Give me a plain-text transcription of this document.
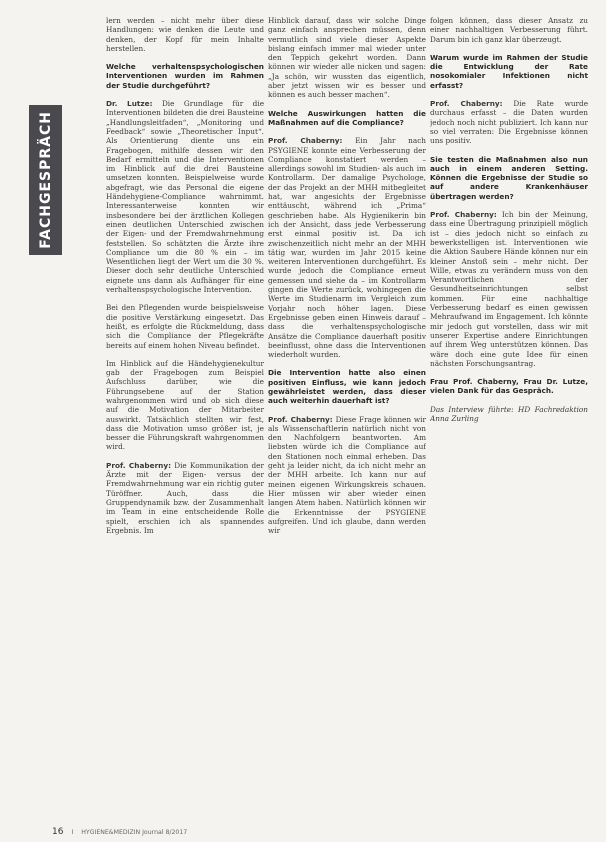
FACHGESPRÄCH

lern werden – nicht mehr über diese Handlungen: wie denken die Leute und denken, der Kopf für mein Inhalte herstellen.

Welche verhaltenspsychologischen Interventionen wurden im Rahmen der Studie durchgeführt?

Dr. Lutze: Die Grundlage für die Interventionen bildeten die drei Bausteine „Handlungsleitfaden“, „Monitoring und Feedback“ sowie „Theoretischer Input“. Als Orientierung diente uns ein Fragebogen, mithilfe dessen wir den Bedarf ermitteln und die Interventionen im Hinblick auf die drei Bausteine umsetzen konnten. Beispielweise wurde abgefragt, wie das Personal die eigene Händehygiene-Compliance wahrnimmt. Interessanterweise konnten wir insbesondere bei der ärztlichen Kollegen einen deutlichen Unterschied zwischen der Eigen- und der Fremdwahrnehmung feststellen. So schätzten die Ärzte ihre Compliance um die 80 % ein – im Wesentlichen liegt der Wert um die 30 %. Dieser doch sehr deutliche Unterschied eignete uns dann als Aufhänger für eine verhaltenspsychologische Intervention.

Bei den Pflegenden wurde beispielsweise die positive Verstärkung eingesetzt. Das heißt, es erfolgte die Rückmeldung, dass sich die Compliance der Pflegekräfte bereits auf einem hohen Niveau befindet.

Im Hinblick auf die Händehygienekultur gab der Fragebogen zum Beispiel Aufschluss darüber, wie die Führungsebene auf der Station wahrgenommen wird und ob sich diese auf die Motivation der Mitarbeiter auswirkt. Tatsächlich stellten wir fest, dass die Motivation umso größer ist, je besser die Führungskraft wahrgenommen wird.

Prof. Chaberny: Die Kommunikation der Ärzte mit der Eigen- versus der Fremdwahrnehmung war ein richtig guter Türöffner. Auch, dass die Gruppendynamik bzw. der Zusammenhalt im Team in eine entscheidende Rolle spielt, erschien ich als spannendes Ergebnis. Im

Hinblick darauf, dass wir solche Dinge ganz einfach ansprechen müssen, denn vermutlich sind viele dieser Aspekte bislang einfach immer mal wieder unter den Teppich gekehrt worden. Dann können wir wieder alle nicken und sagen: „Ja schön, wir wussten das eigentlich, aber jetzt wissen wir es besser und können es auch besser machen“.

Welche Auswirkungen hatten die Maßnahmen auf die Compliance?

Prof. Chaberny: Ein Jahr nach PSYGIENE konnte eine Verbesserung der Compliance konstatiert werden – allerdings sowohl im Studien- als auch im Kontrollarm. Der damalige Psychologe, der das Projekt an der MHH mitbegleitet hat, war angesichts der Ergebnisse enttäuscht, während ich „Prima“ geschrieben habe. Als Hygienikerin bin ich der Ansicht, dass jede Verbesserung erst einmal positiv ist. Da ich zwischenzeitlich nicht mehr an der MHH tätig war, wurden im Jahr 2015 keine weiteren Interventionen durchgeführt. Es wurde jedoch die Compliance erneut gemessen und siehe da – im Kontrollarm gingen die Werte zurück, wohingegen die Werte im Studienarm im Vergleich zum Vorjahr noch höher lagen. Diese Ergebnisse geben einen Hinweis darauf – dass die verhaltenspsychologische Ansätze die Compliance dauerhaft positiv beeinflusst, ohne dass die Interventionen wiederholt wurden.

Die Intervention hatte also einen positiven Einfluss, wie kann jedoch gewährleistet werden, dass dieser auch weiterhin dauerhaft ist?

Prof. Chaberny: Diese Frage können wir als Wissenschaftlerin natürlich nicht von den Nachfolgern beantworten. Am liebsten würde ich die Compliance auf den Stationen noch einmal erheben. Das geht ja leider nicht, da ich nicht mehr an der MHH arbeite. Ich kann nur auf meinen eigenen Wirkungskreis schauen. Hier müssen wir aber wieder einen langen Atem haben. Natürlich können wir die Erkenntnisse der PSYGIENE aufgreifen. Und ich glaube, dann werden wir

folgen können, dass dieser Ansatz zu einer nachhaltigen Verbesserung führt. Darum bin ich ganz klar überzeugt.

Warum wurde im Rahmen der Studie die Entwicklung der Rate nosokomialer Infektionen nicht erfasst?

Prof. Chaberny: Die Rate wurde durchaus erfasst – die Daten wurden jedoch noch nicht publiziert. Ich kann nur so viel verraten: Die Ergebnisse können uns positiv.

Sie testen die Maßnahmen also nun auch in einem anderen Setting. Können die Ergebnisse der Studie so auf andere Krankenhäuser übertragen werden?

Prof. Chaberny: Ich bin der Meinung, dass eine Übertragung prinzipiell möglich ist – dies jedoch nicht so einfach zu bewerkstelligen ist. Interventionen wie die Aktion Saubere Hände können nur ein kleiner Anstoß sein – mehr nicht. Der Wille, etwas zu verändern muss von den Verantwortlichen der Gesundheitseinrichtungen selbst kommen. Für eine nachhaltige Verbesserung bedarf es einen gewissen Mehraufwand im Engagement. Ich könnte mir jedoch gut vorstellen, dass wir mit unserer Expertise andere Einrichtungen auf ihrem Weg unterstützen können. Das wäre doch eine gute Idee für einen nächsten Forschungsantrag.

Frau Prof. Chaberny, Frau Dr. Lutze, vielen Dank für das Gespräch.

Das Interview führte: HD Fachredaktion Anna Zurling

16 I HYGIENE&MEDIZIN Journal 8/2017
